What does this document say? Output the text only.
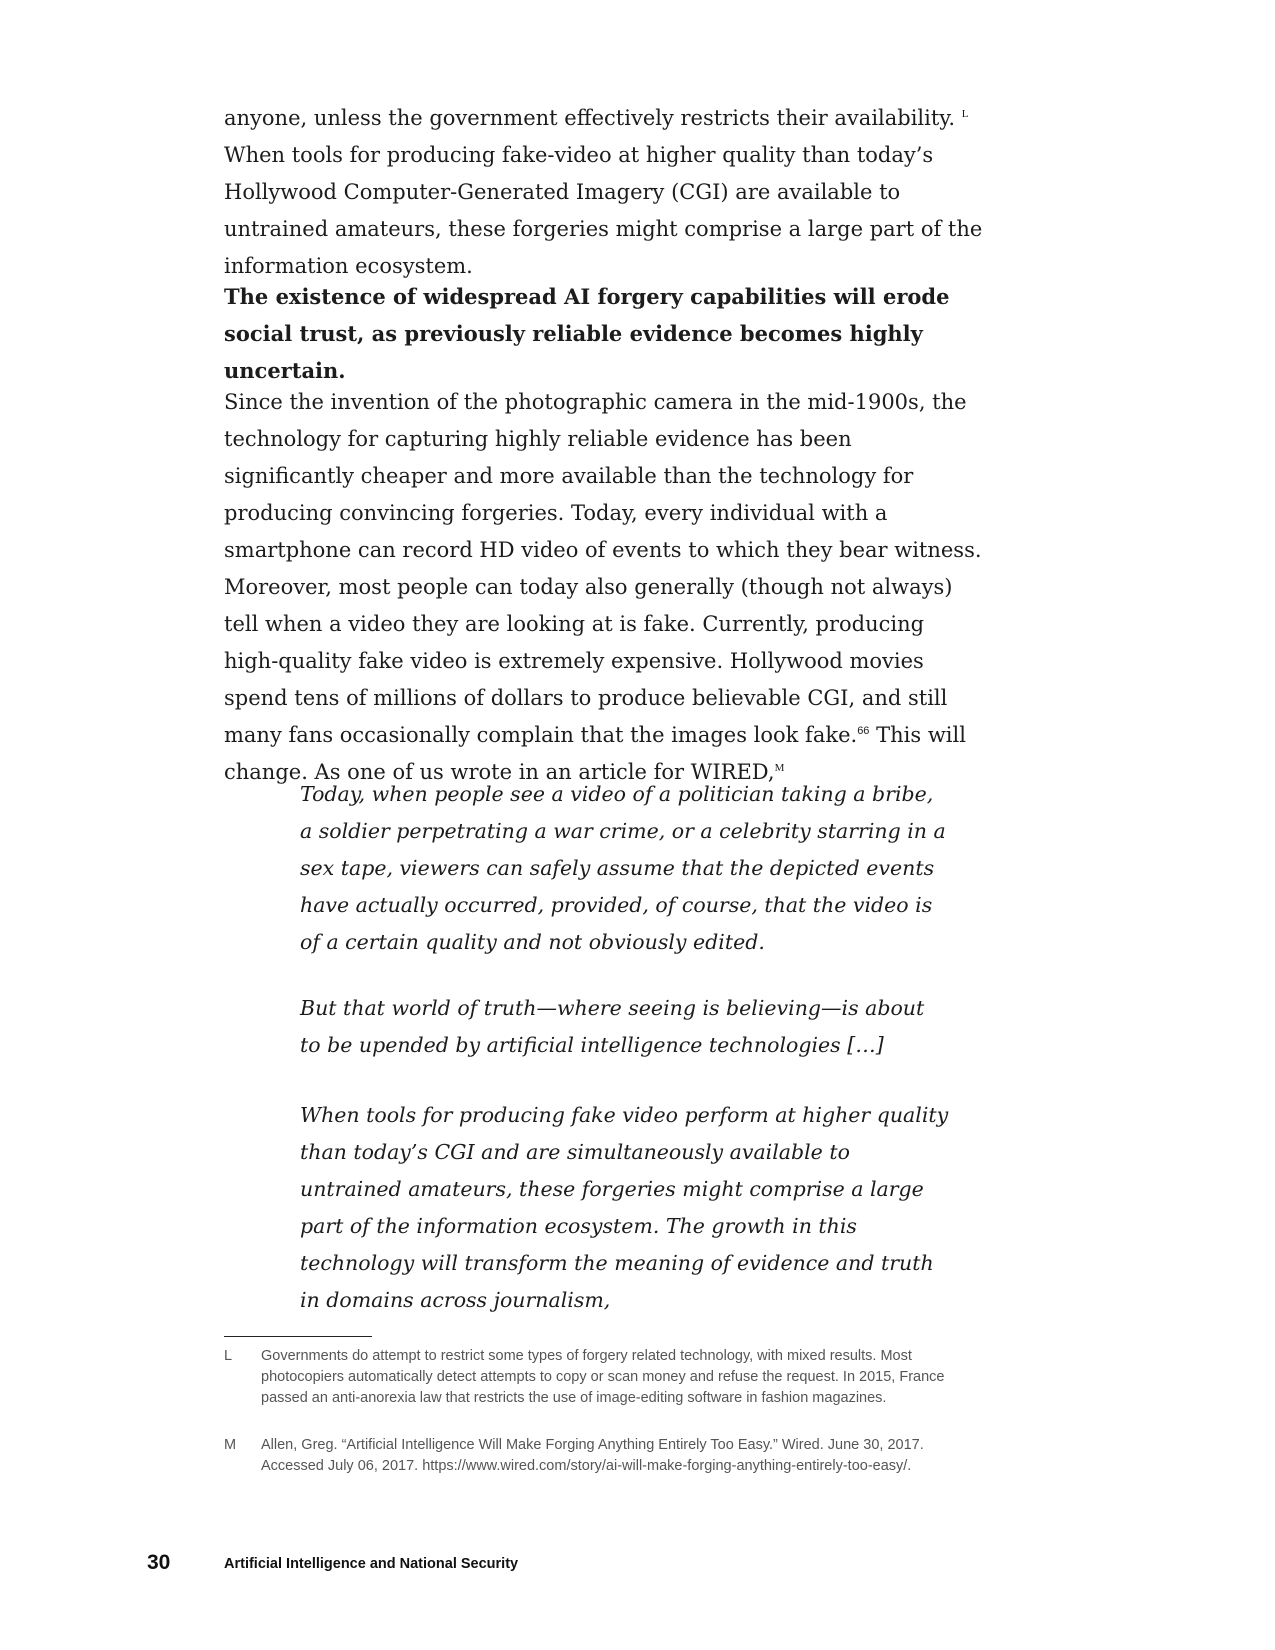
anyone, unless the government effectively restricts their availability. $^L$ When tools for producing fake-video at higher quality than today’s Hollywood Computer-Generated Imagery (CGI) are available to untrained amateurs, these forgeries might comprise a large part of the information ecosystem.

The existence of widespread AI forgery capabilities will erode social trust, as previously reliable evidence becomes highly uncertain.

Since the invention of the photographic camera in the mid-1900s, the technology for capturing highly reliable evidence has been significantly cheaper and more available than the technology for producing convincing forgeries. Today, every individual with a smartphone can record HD video of events to which they bear witness. Moreover, most people can today also generally (though not always) tell when a video they are looking at is fake. Currently, producing high-quality fake video is extremely expensive. Hollywood movies spend tens of millions of dollars to produce believable CGI, and still many fans occasionally complain that the images look fake.$^{66}$ This will change. As one of us wrote in an article for WIRED,$^M$

Today, when people see a video of a politician taking a bribe, a soldier perpetrating a war crime, or a celebrity starring in a sex tape, viewers can safely assume that the depicted events have actually occurred, provided, of course, that the video is of a certain quality and not obviously edited.

But that world of truth—where seeing is believing—is about to be upended by artificial intelligence technologies […]

When tools for producing fake video perform at higher quality than today’s CGI and are simultaneously available to untrained amateurs, these forgeries might comprise a large part of the information ecosystem. The growth in this technology will transform the meaning of evidence and truth in domains across journalism,

L	Governments do attempt to restrict some types of forgery related technology, with mixed results. Most photocopiers automatically detect attempts to copy or scan money and refuse the request. In 2015, France passed an anti-anorexia law that restricts the use of image-editing software in fashion magazines.
M	Allen, Greg. “Artificial Intelligence Will Make Forging Anything Entirely Too Easy.” Wired. June 30, 2017. Accessed July 06, 2017. https://www.wired.com/story/ai-will-make-forging-anything-entirely-too-easy/.
30	Artificial Intelligence and National Security
